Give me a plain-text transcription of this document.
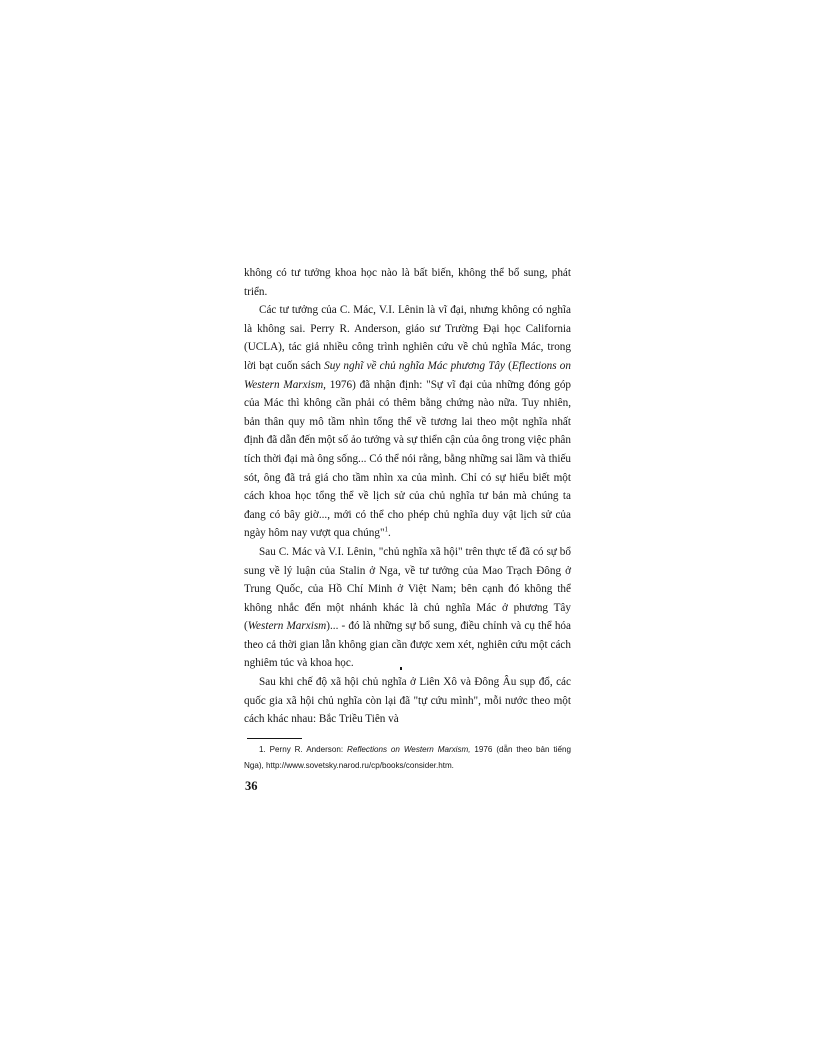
không có tư tưởng khoa học nào là bất biến, không thể bổ sung, phát triển.

Các tư tưởng của C. Mác, V.I. Lênin là vĩ đại, nhưng không có nghĩa là không sai. Perry R. Anderson, giáo sư Trường Đại học California (UCLA), tác giả nhiều công trình nghiên cứu về chủ nghĩa Mác, trong lời bạt cuốn sách Suy nghĩ về chủ nghĩa Mác phương Tây (Eflections on Western Marxism, 1976) đã nhận định: "Sự vĩ đại của những đóng góp của Mác thì không cần phải có thêm bằng chứng nào nữa. Tuy nhiên, bản thân quy mô tầm nhìn tổng thể về tương lai theo một nghĩa nhất định đã dẫn đến một số ảo tưởng và sự thiển cận của ông trong việc phân tích thời đại mà ông sống... Có thể nói rằng, bằng những sai lầm và thiếu sót, ông đã trả giá cho tầm nhìn xa của mình. Chỉ có sự hiểu biết một cách khoa học tổng thể về lịch sử của chủ nghĩa tư bản mà chúng ta đang có bây giờ..., mới có thể cho phép chủ nghĩa duy vật lịch sử của ngày hôm nay vượt qua chúng"$^1$.

Sau C. Mác và V.I. Lênin, "chủ nghĩa xã hội" trên thực tế đã có sự bổ sung về lý luận của Stalin ở Nga, về tư tưởng của Mao Trạch Đông ở Trung Quốc, của Hồ Chí Minh ở Việt Nam; bên cạnh đó không thể không nhắc đến một nhánh khác là chủ nghĩa Mác ở phương Tây (Western Marxism)... - đó là những sự bổ sung, điều chỉnh và cụ thể hóa theo cả thời gian lẫn không gian cần được xem xét, nghiên cứu một cách nghiêm túc và khoa học.

Sau khi chế độ xã hội chủ nghĩa ở Liên Xô và Đông Âu sụp đổ, các quốc gia xã hội chủ nghĩa còn lại đã "tự cứu mình", mỗi nước theo một cách khác nhau: Bắc Triều Tiên và

1. Perny R. Anderson: Reflections on Western Marxism, 1976 (dẫn theo bản tiếng Nga), http://www.sovetsky.narod.ru/cp/books/consider.htm.
36
